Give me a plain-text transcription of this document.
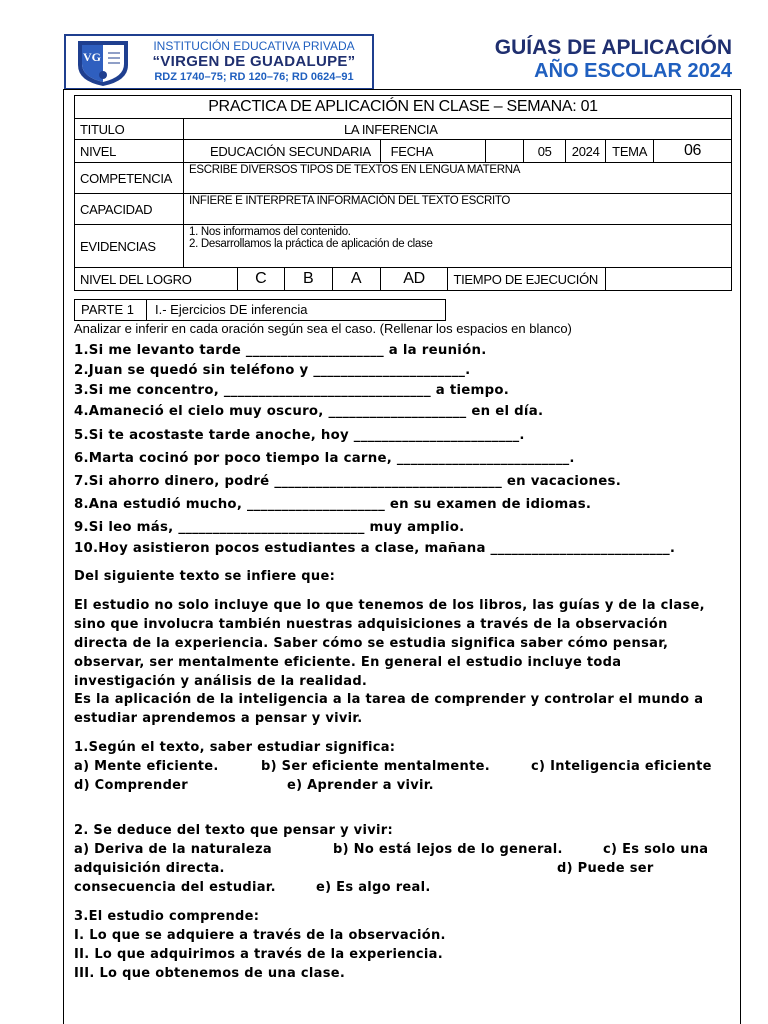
VG
INSTITUCIÓN EDUCATIVA PRIVADA
“VIRGEN DE GUADALUPE”
RDZ 1740–75; RD 120–76; RD 0624–91
GUÍAS DE APLICACIÓN
AÑO ESCOLAR 2024
PRACTICA DE APLICACIÓN EN CLASE – SEMANA: 01											
TITULO	LA INFERENCIA										
NIVEL	EDUCACIÓN SECUNDARIA				FECHA			05	2024	TEMA	06
COMPETENCIA	ESCRIBE DIVERSOS TIPOS DE TEXTOS EN LENGUA MATERNA										
CAPACIDAD	INFIERE E INTERPRETA INFORMACIÓN DEL TEXTO ESCRITO										
EVIDENCIAS	1. Nos informamos del contenido.
2. Desarrollamos la práctica de aplicación de clase										

NIVEL DEL LOGRO		C	B	A	AD	TIEMPO DE EJECUCIÓN					
PARTE 1	I.- Ejercicios DE inferencia
Analizar e inferir en cada oración según sea el caso. (Rellenar los espacios en blanco)
1.Si me levantо tarde ____________________ a la reunión.
2.Juan se quedó sin teléfono y ______________________.
3.Si me concentro, ______________________________ a tiempo.
4.Amaneció el cielo muy oscuro, ____________________ en el día.
5.Si te acostaste tarde anoche, hoy ________________________.
6.Marta cocinó por poco tiempo la carne, _________________________.
7.Si ahorro dinero, podré _________________________________ en vacaciones.
8.Ana estudió mucho, ____________________ en su examen de idiomas.
9.Si leo más, ___________________________ muy amplio.
10.Hoy asistieron pocos estudiantes a clase, mañana __________________________.
Del siguiente texto se infiere que:
El estudio no solo incluye que lo que tenemos de los libros, las guías y de la clase,
sino que involucra también nuestras adquisiciones a través de la observación
directa de la experiencia. Saber cómo se estudia significa saber cómo pensar,
observar, ser mentalmente eficiente. En general el estudio incluye toda
investigación y análisis de la realidad.
Es la aplicación de la inteligencia a la tarea de comprender y controlar el mundo a
estudiar aprendemos a pensar y vivir.
1.Según el texto, saber estudiar significa:
a) Mente eficiente.	b) Ser eficiente mentalmente.	c) Inteligencia eficiente
d) Comprender	e) Aprender a vivir.
2. Se deduce del texto que pensar y vivir:
a) Deriva de la naturaleza	b) No está lejos de lo general.	c) Es solo una
adquisición directa.	d) Puede ser
consecuencia del estudiar.	e) Es algo real.
3.El estudio comprende:
I. Lo que se adquiere a través de la observación.
II. Lo que adquirimos a través de la experiencia.
III. Lo que obtenemos de una clase.
